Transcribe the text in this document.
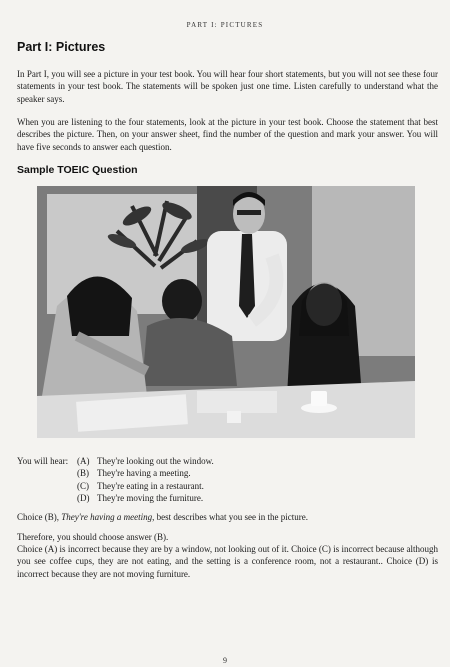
PART I: PICTURES
Part I: Pictures

In Part I, you will see a picture in your test book. You will hear four short statements, but you will not see these four statements in your test book. The statements will be spoken just one time. Listen carefully to understand what the speaker says.

When you are listening to the four statements, look at the picture in your test book. Choose the statement that best describes the picture. Then, on your answer sheet, find the number of the question and mark your answer. You will have five seconds to answer each question.

Sample TOEIC Question
You will hear: (A) They're looking out the window.
(B) They're having a meeting.
(C) They're eating in a restaurant.
(D) They're moving the furniture.

Choice (B), They're having a meeting, best describes what you see in the picture.

Therefore, you should choose answer (B).

Choice (A) is incorrect because they are by a window, not looking out of it. Choice (C) is incorrect because although you see coffee cups, they are not eating, and the setting is a conference room, not a restaurant.. Choice (D) is incorrect because they are not moving furniture.

9
